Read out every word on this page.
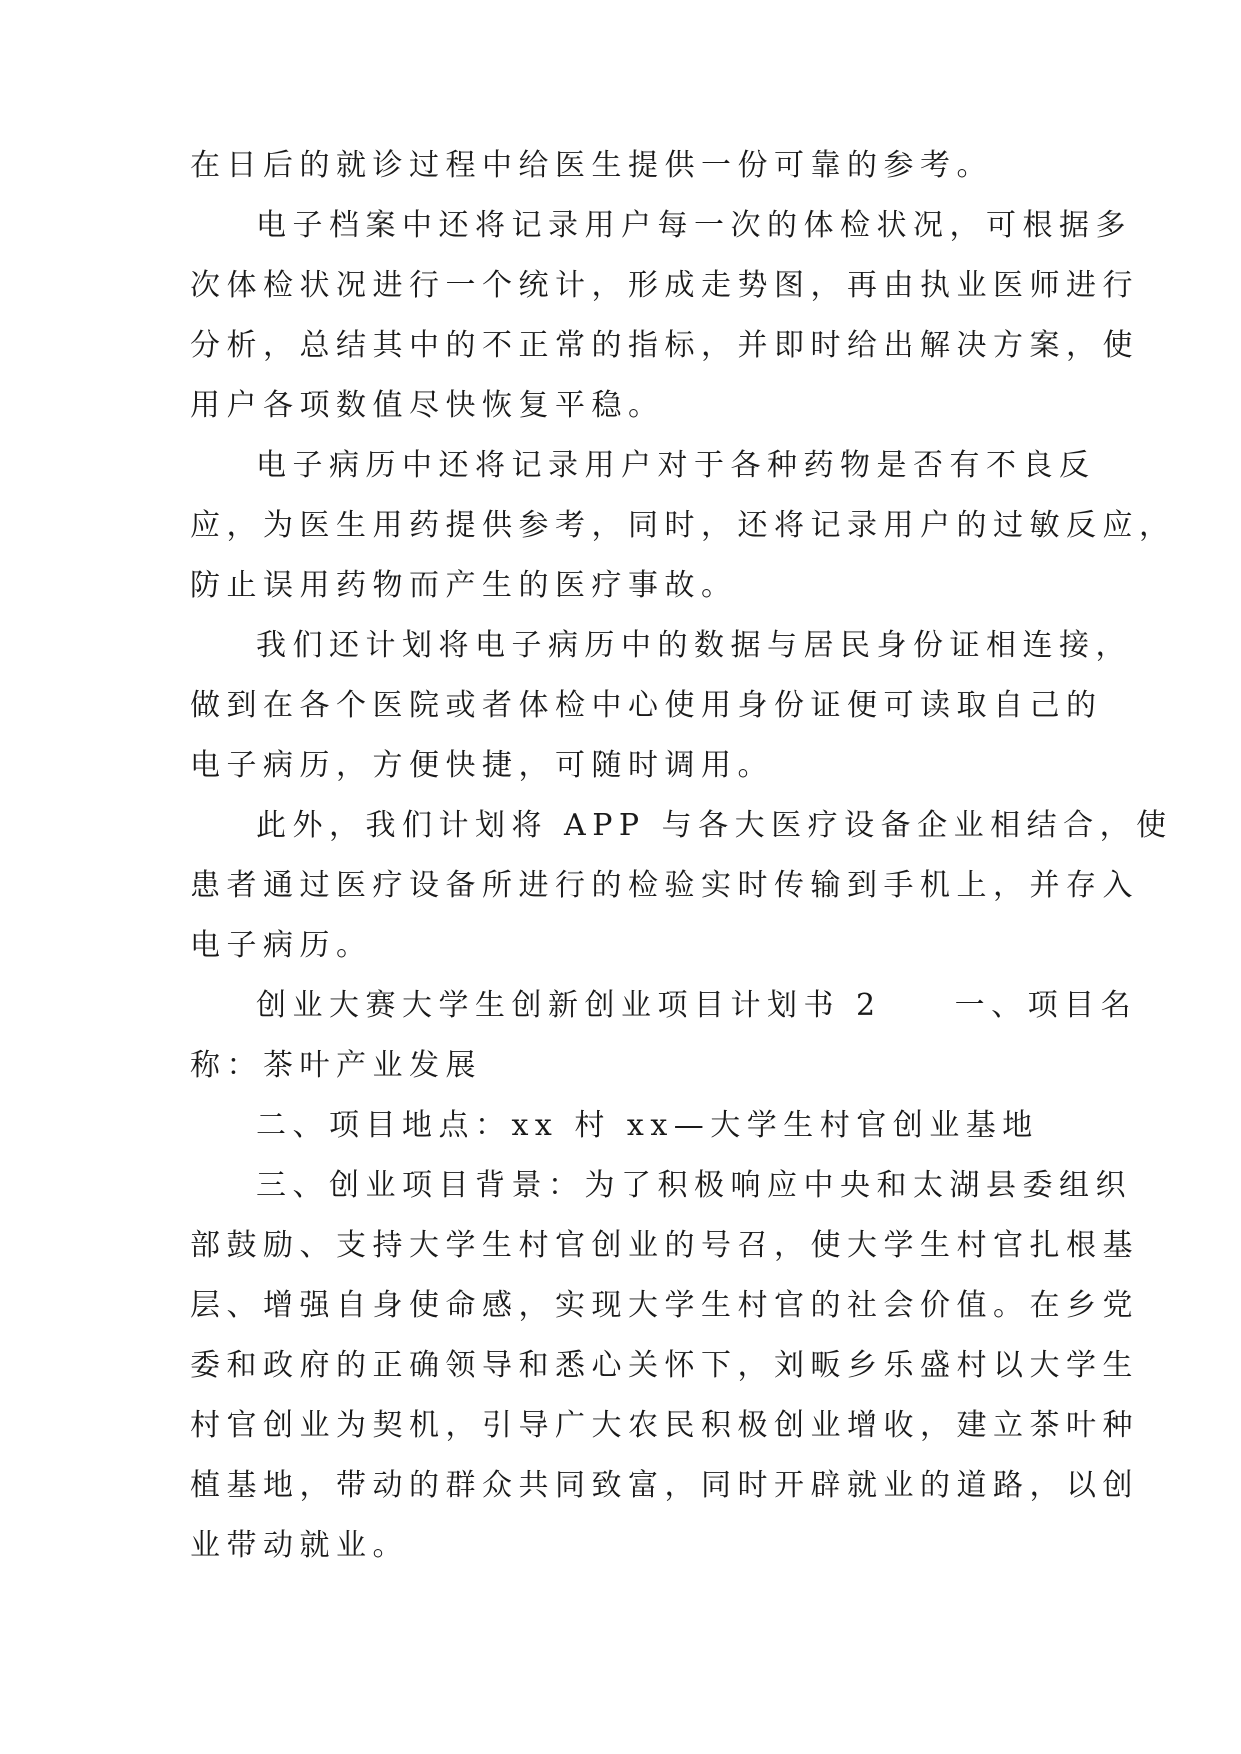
在日后的就诊过程中给医生提供一份可靠的参考。
电子档案中还将记录用户每一次的体检状况，可根据多
次体检状况进行一个统计，形成走势图，再由执业医师进行
分析，总结其中的不正常的指标，并即时给出解决方案，使
用户各项数值尽快恢复平稳。
电子病历中还将记录用户对于各种药物是否有不良反
应，为医生用药提供参考，同时，还将记录用户的过敏反应，
防止误用药物而产生的医疗事故。
我们还计划将电子病历中的数据与居民身份证相连接，
做到在各个医院或者体检中心使用身份证便可读取自己的
电子病历，方便快捷，可随时调用。
此外，我们计划将 APP 与各大医疗设备企业相结合，使
患者通过医疗设备所进行的检验实时传输到手机上，并存入
电子病历。
创业大赛大学生创新创业项目计划书 2　　一、项目名
称：茶叶产业发展
二、项目地点：xx 村 xx—大学生村官创业基地
三、创业项目背景：为了积极响应中央和太湖县委组织
部鼓励、支持大学生村官创业的号召，使大学生村官扎根基
层、增强自身使命感，实现大学生村官的社会价值。在乡党
委和政府的正确领导和悉心关怀下，刘畈乡乐盛村以大学生
村官创业为契机，引导广大农民积极创业增收，建立茶叶种
植基地，带动的群众共同致富，同时开辟就业的道路，以创
业带动就业。
